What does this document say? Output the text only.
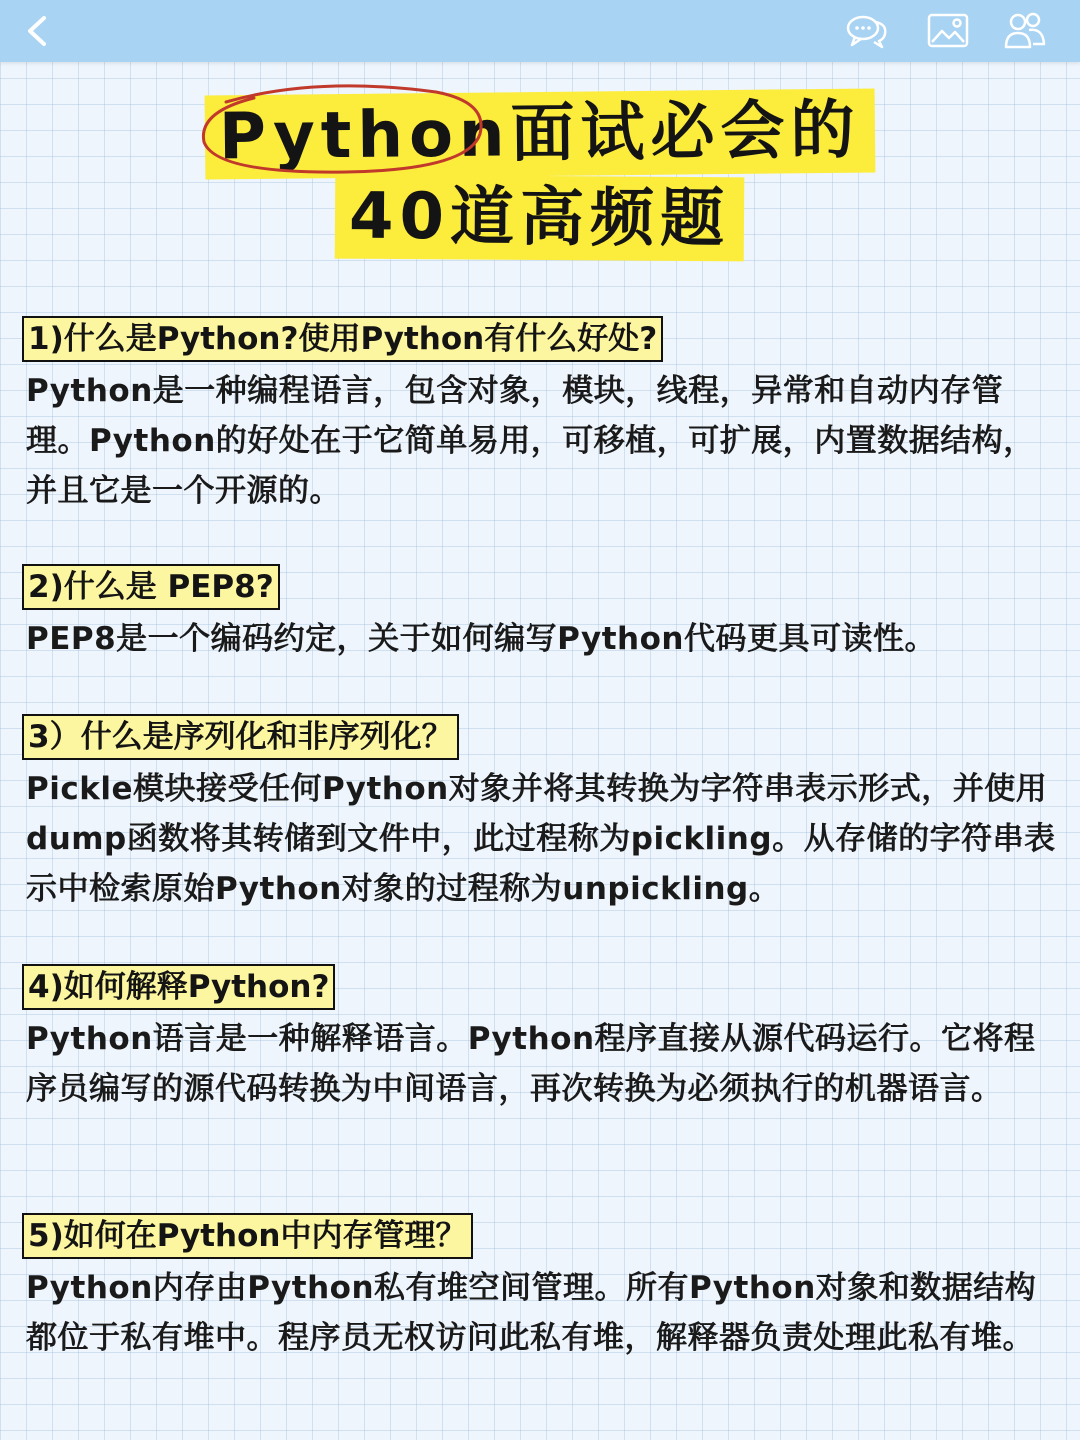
Python面试必会的
40道高频题
1)什么是Python?使用Python有什么好处?
Python是一种编程语言，包含对象，模块，线程，异常和自动内存管理。Python的好处在于它简单易用，可移植，可扩展，内置数据结构，并且它是一个开源的。
2)什么是 PEP8?
PEP8是一个编码约定，关于如何编写Python代码更具可读性。
3）什么是序列化和非序列化？
Pickle模块接受任何Python对象并将其转换为字符串表示形式，并使用dump函数将其转储到文件中，此过程称为pickling。从存储的字符串表示中检索原始Python对象的过程称为unpickling。
4)如何解释Python?
Python语言是一种解释语言。Python程序直接从源代码运行。它将程序员编写的源代码转换为中间语言，再次转换为必须执行的机器语言。
5)如何在Python中内存管理？
Python内存由Python私有堆空间管理。所有Python对象和数据结构都位于私有堆中。程序员无权访问此私有堆，解释器负责处理此私有堆。
